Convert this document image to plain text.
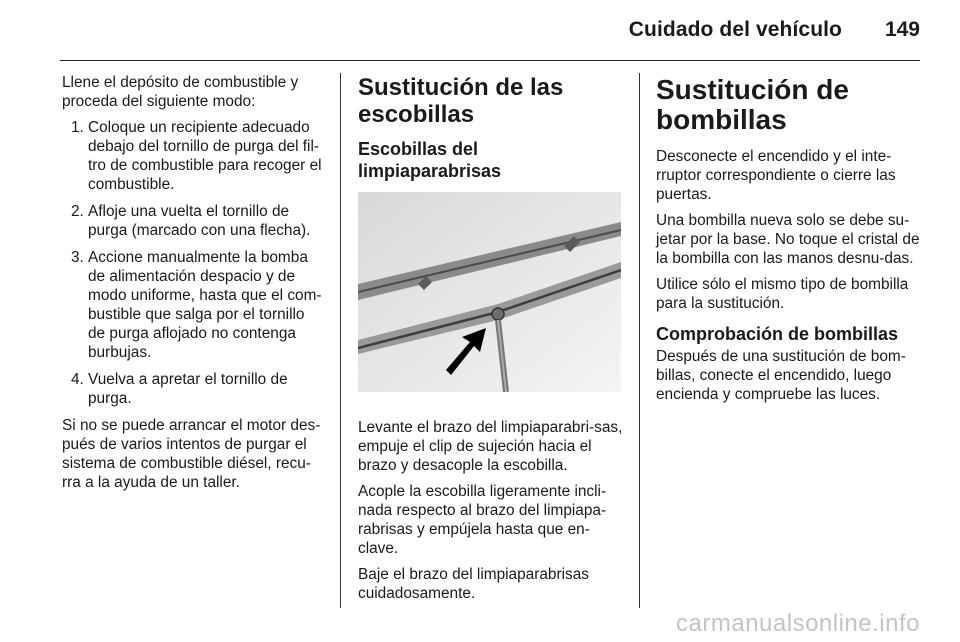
Cuidado del vehículo 149

Llene el depósito de combustible y proceda del siguiente modo:

1. Coloque un recipiente adecuado debajo del tornillo de purga del fil-tro de combustible para recoger el combustible.
2. Afloje una vuelta el tornillo de purga (marcado con una flecha).
3. Accione manualmente la bomba de alimentación despacio y de modo uniforme, hasta que el com-bustible que salga por el tornillo de purga aflojado no contenga burbujas.
4. Vuelva a apretar el tornillo de purga.

Si no se puede arrancar el motor des-pués de varios intentos de purgar el sistema de combustible diésel, recu-rra a la ayuda de un taller.

Sustitución de las escobillas
Escobillas del limpiaparabrisas

Levante el brazo del limpiaparabri-sas, empuje el clip de sujeción hacia el brazo y desacople la escobilla.

Acople la escobilla ligeramente incli-nada respecto al brazo del limpiapa-rabrisas y empújela hasta que en-clave.

Baje el brazo del limpiaparabrisas cuidadosamente.

Sustitución de bombillas

Desconecte el encendido y el inte-rruptor correspondiente o cierre las puertas.

Una bombilla nueva solo se debe su-jetar por la base. No toque el cristal de la bombilla con las manos desnu-das.

Utilice sólo el mismo tipo de bombilla para la sustitución.

Comprobación de bombillas

Después de una sustitución de bom-billas, conecte el encendido, luego encienda y compruebe las luces.

carmanualsonline.info
